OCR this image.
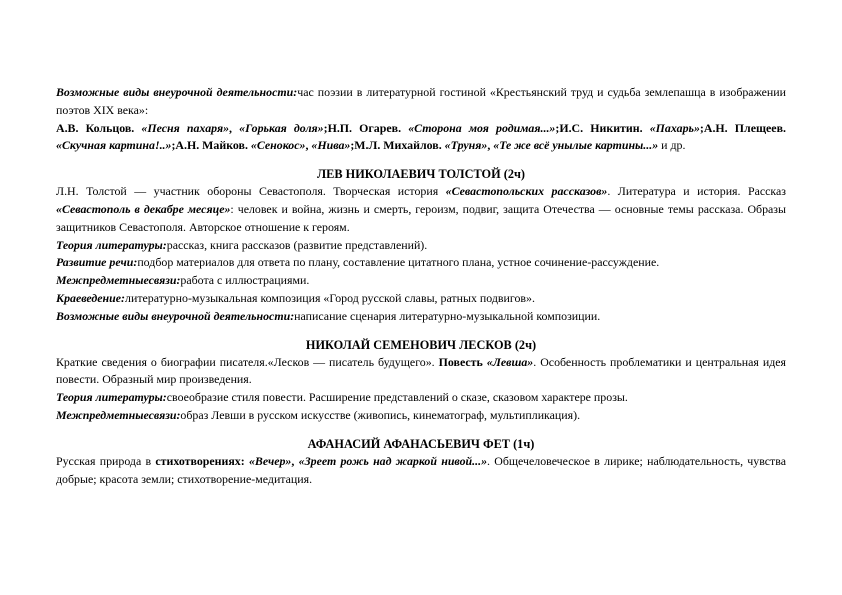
Возможные виды внеурочной деятельности:час поэзии в литературной гостиной «Крестьянский труд и судьба землепашца в изображении поэтов XIX века»:

А.В. Кольцов. «Песня пахаря», «Горькая доля»;Н.П. Огарев. «Сторона моя родимая...»;И.С. Никитин. «Пахарь»;А.Н. Плещеев. «Скучная картина!..»;А.Н. Майков. «Сенокос», «Нива»;М.Л. Михайлов. «Труня», «Те же всё унылые картины...» и др.

ЛЕВ НИКОЛАЕВИЧ ТОЛСТОЙ (2ч)

Л.Н. Толстой — участник обороны Севастополя. Творческая история «Севастопольских рассказов». Литература и история. Рассказ «Севастополь в декабре месяце»: человек и война, жизнь и смерть, героизм, подвиг, защита Отечества — основные темы рассказа. Образы защитников Севастополя. Авторское отношение к героям.

Теория литературы:рассказ, книга рассказов (развитие представлений).

Развитие речи:подбор материалов для ответа по плану, составление цитатного плана, устное сочинение-рассуждение.

Межпредметныесвязи:работа с иллюстрациями.

Краеведение:литературно-музыкальная композиция «Город русской славы, ратных подвигов».

Возможные виды внеурочной деятельности:написание сценария литературно-музыкальной композиции.

НИКОЛАЙ СЕМЕНОВИЧ ЛЕСКОВ (2ч)

Краткие сведения о биографии писателя.«Лесков — писатель будущего». Повесть «Левша». Особенность проблематики и центральная идея повести. Образный мир произведения.

Теория литературы:своеобразие стиля повести. Расширение представлений о сказе, сказовом характере прозы.

Межпредметныесвязи:образ Левши в русском искусстве (живопись, кинематограф, мультипликация).

АФАНАСИЙ АФАНАСЬЕВИЧ ФЕТ (1ч)

Русская природа в стихотворениях: «Вечер», «Зреет рожь над жаркой нивой...». Общечеловеческое в лирике; наблюдательность, чувства добрые; красота земли; стихотворение-медитация.
